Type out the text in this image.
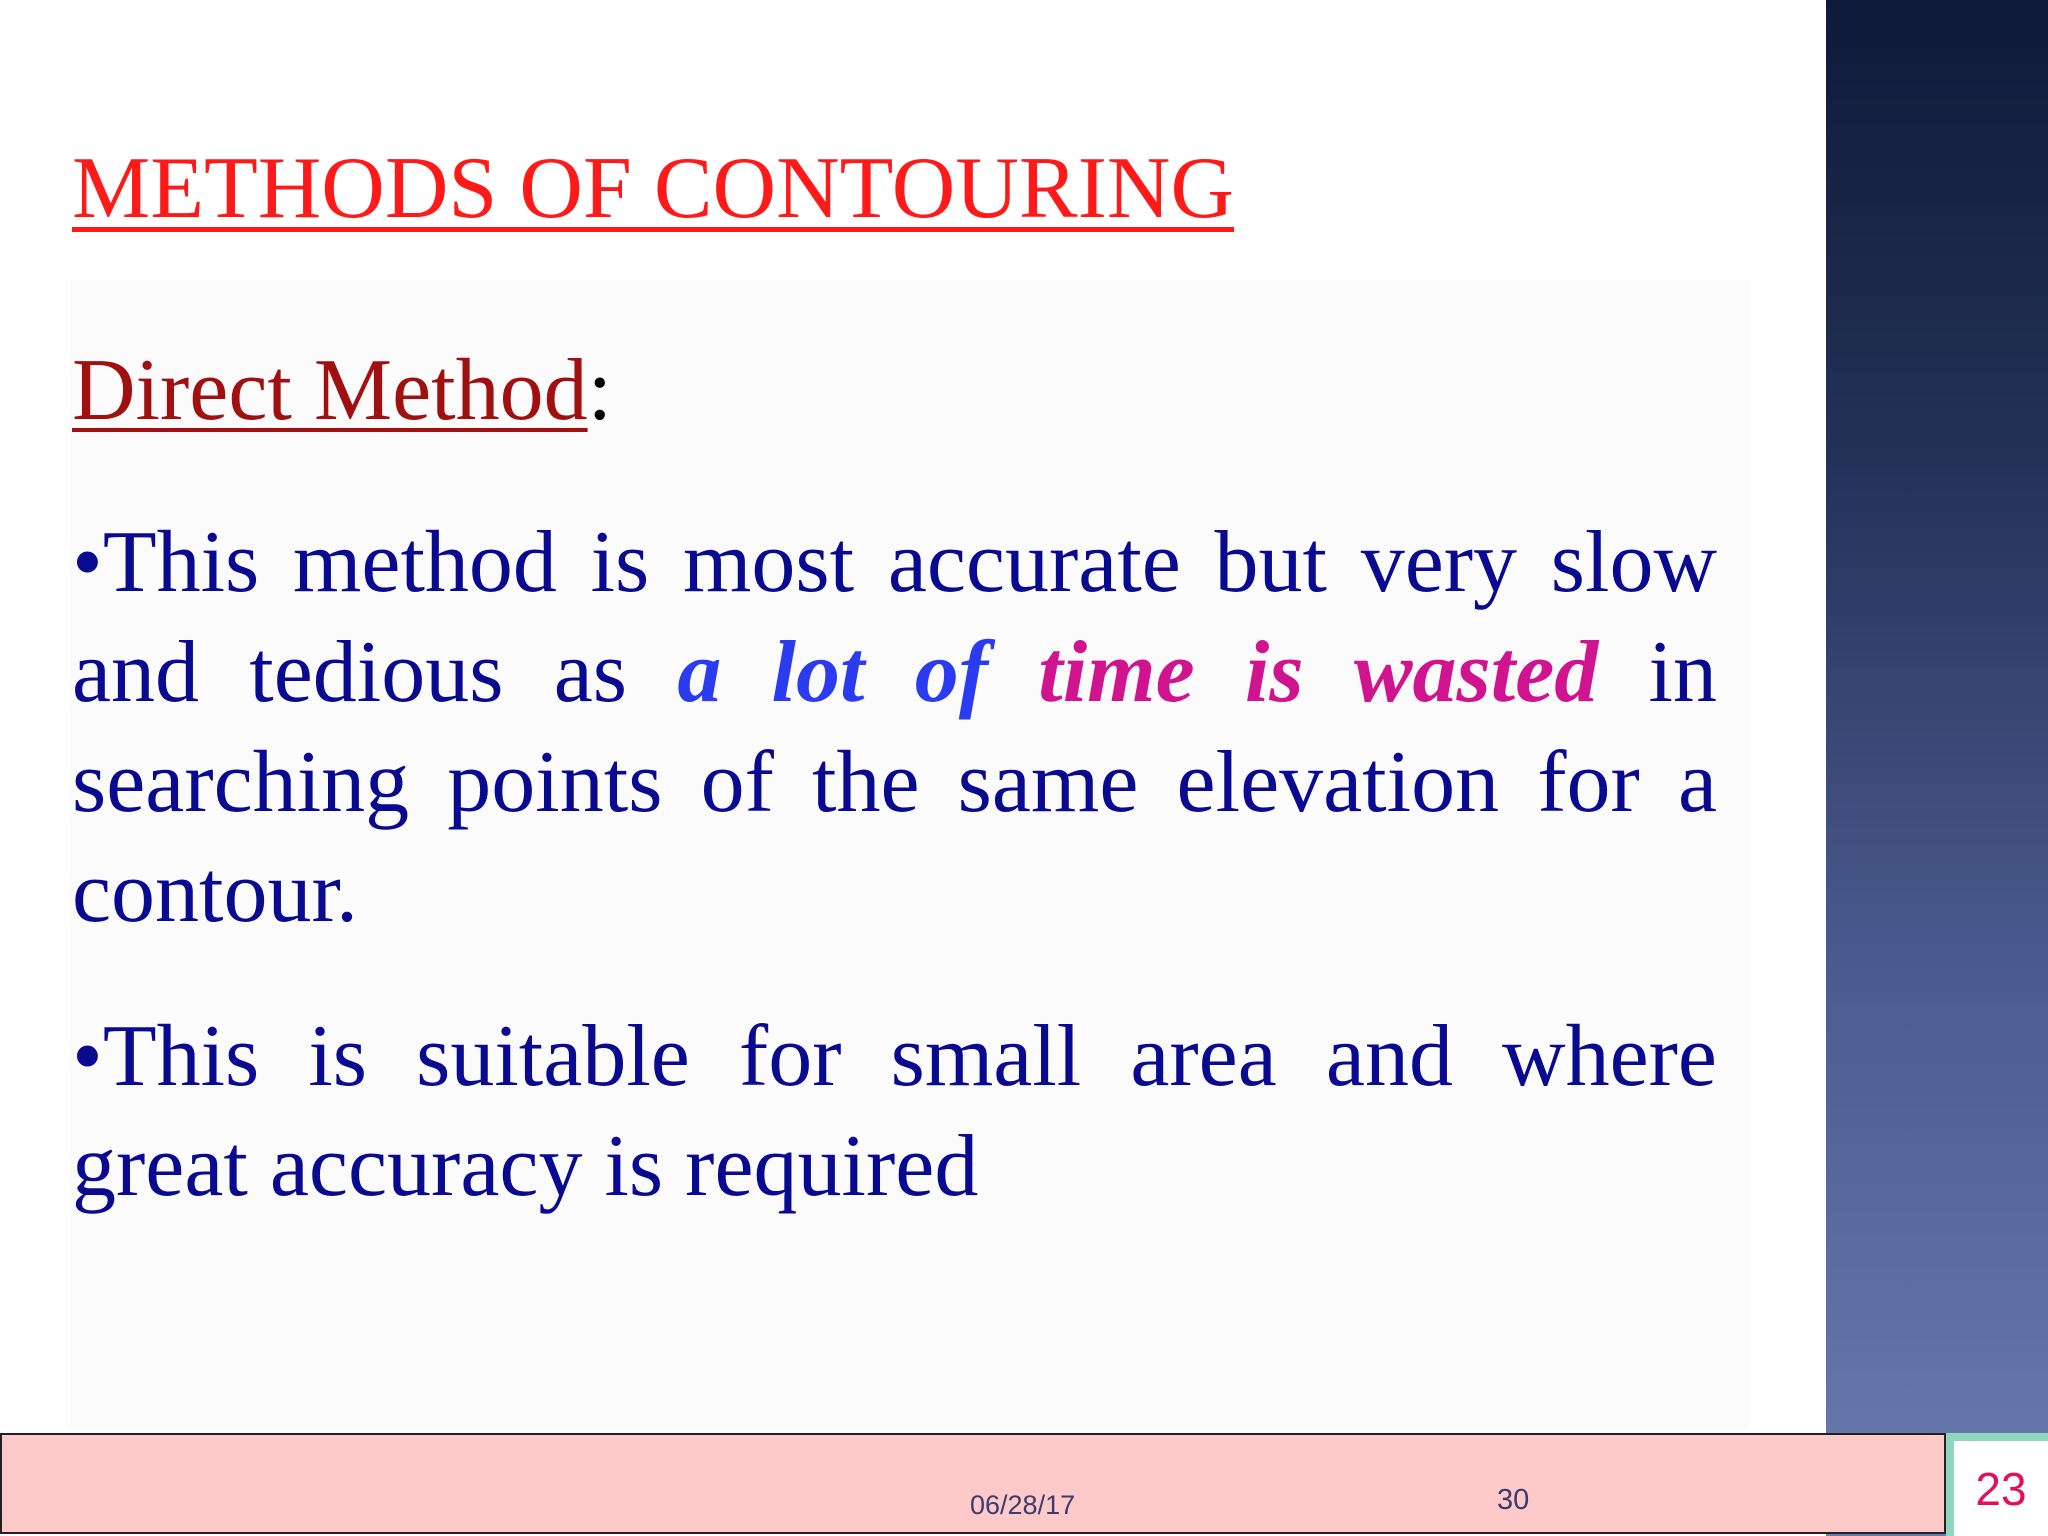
METHODS OF CONTOURING
Direct Method:

•This method is most accurate but very slow and tedious as a lot of time is wasted in searching points of the same elevation for a contour.

•This is suitable for small area and where great accuracy is required

06/28/17	30	23
